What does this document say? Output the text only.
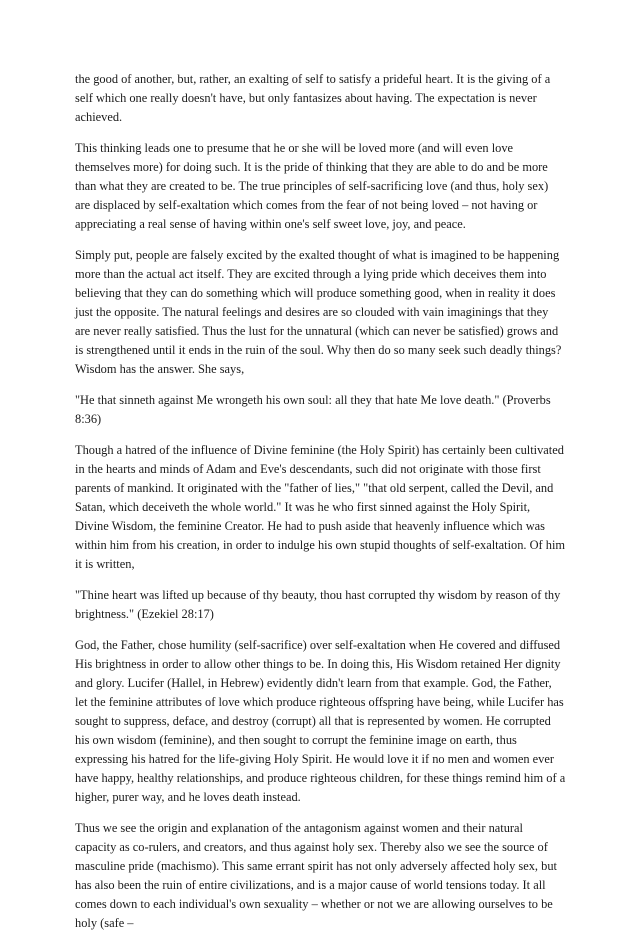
the good of another, but, rather, an exalting of self to satisfy a prideful heart. It is the giving of a self which one really doesn't have, but only fantasizes about having. The expectation is never achieved.

This thinking leads one to presume that he or she will be loved more (and will even love themselves more) for doing such. It is the pride of thinking that they are able to do and be more than what they are created to be. The true principles of self-sacrificing love (and thus, holy sex) are displaced by self-exaltation which comes from the fear of not being loved – not having or appreciating a real sense of having within one's self sweet love, joy, and peace.

Simply put, people are falsely excited by the exalted thought of what is imagined to be happening more than the actual act itself. They are excited through a lying pride which deceives them into believing that they can do something which will produce something good, when in reality it does just the opposite. The natural feelings and desires are so clouded with vain imaginings that they are never really satisfied. Thus the lust for the unnatural (which can never be satisfied) grows and is strengthened until it ends in the ruin of the soul. Why then do so many seek such deadly things? Wisdom has the answer. She says,

"He that sinneth against Me wrongeth his own soul: all they that hate Me love death." (Proverbs 8:36)

Though a hatred of the influence of Divine feminine (the Holy Spirit) has certainly been cultivated in the hearts and minds of Adam and Eve's descendants, such did not originate with those first parents of mankind. It originated with the "father of lies," "that old serpent, called the Devil, and Satan, which deceiveth the whole world." It was he who first sinned against the Holy Spirit, Divine Wisdom, the feminine Creator. He had to push aside that heavenly influence which was within him from his creation, in order to indulge his own stupid thoughts of self-exaltation. Of him it is written,

"Thine heart was lifted up because of thy beauty, thou hast corrupted thy wisdom by reason of thy brightness." (Ezekiel 28:17)

God, the Father, chose humility (self-sacrifice) over self-exaltation when He covered and diffused His brightness in order to allow other things to be. In doing this, His Wisdom retained Her dignity and glory. Lucifer (Hallel, in Hebrew) evidently didn't learn from that example. God, the Father, let the feminine attributes of love which produce righteous offspring have being, while Lucifer has sought to suppress, deface, and destroy (corrupt) all that is represented by women. He corrupted his own wisdom (feminine), and then sought to corrupt the feminine image on earth, thus expressing his hatred for the life-giving Holy Spirit. He would love it if no men and women ever have happy, healthy relationships, and produce righteous children, for these things remind him of a higher, purer way, and he loves death instead.

Thus we see the origin and explanation of the antagonism against women and their natural capacity as co-rulers, and creators, and thus against holy sex. Thereby also we see the source of masculine pride (machismo). This same errant spirit has not only adversely affected holy sex, but has also been the ruin of entire civilizations, and is a major cause of world tensions today. It all comes down to each individual's own sexuality – whether or not we are allowing ourselves to be holy (safe –
